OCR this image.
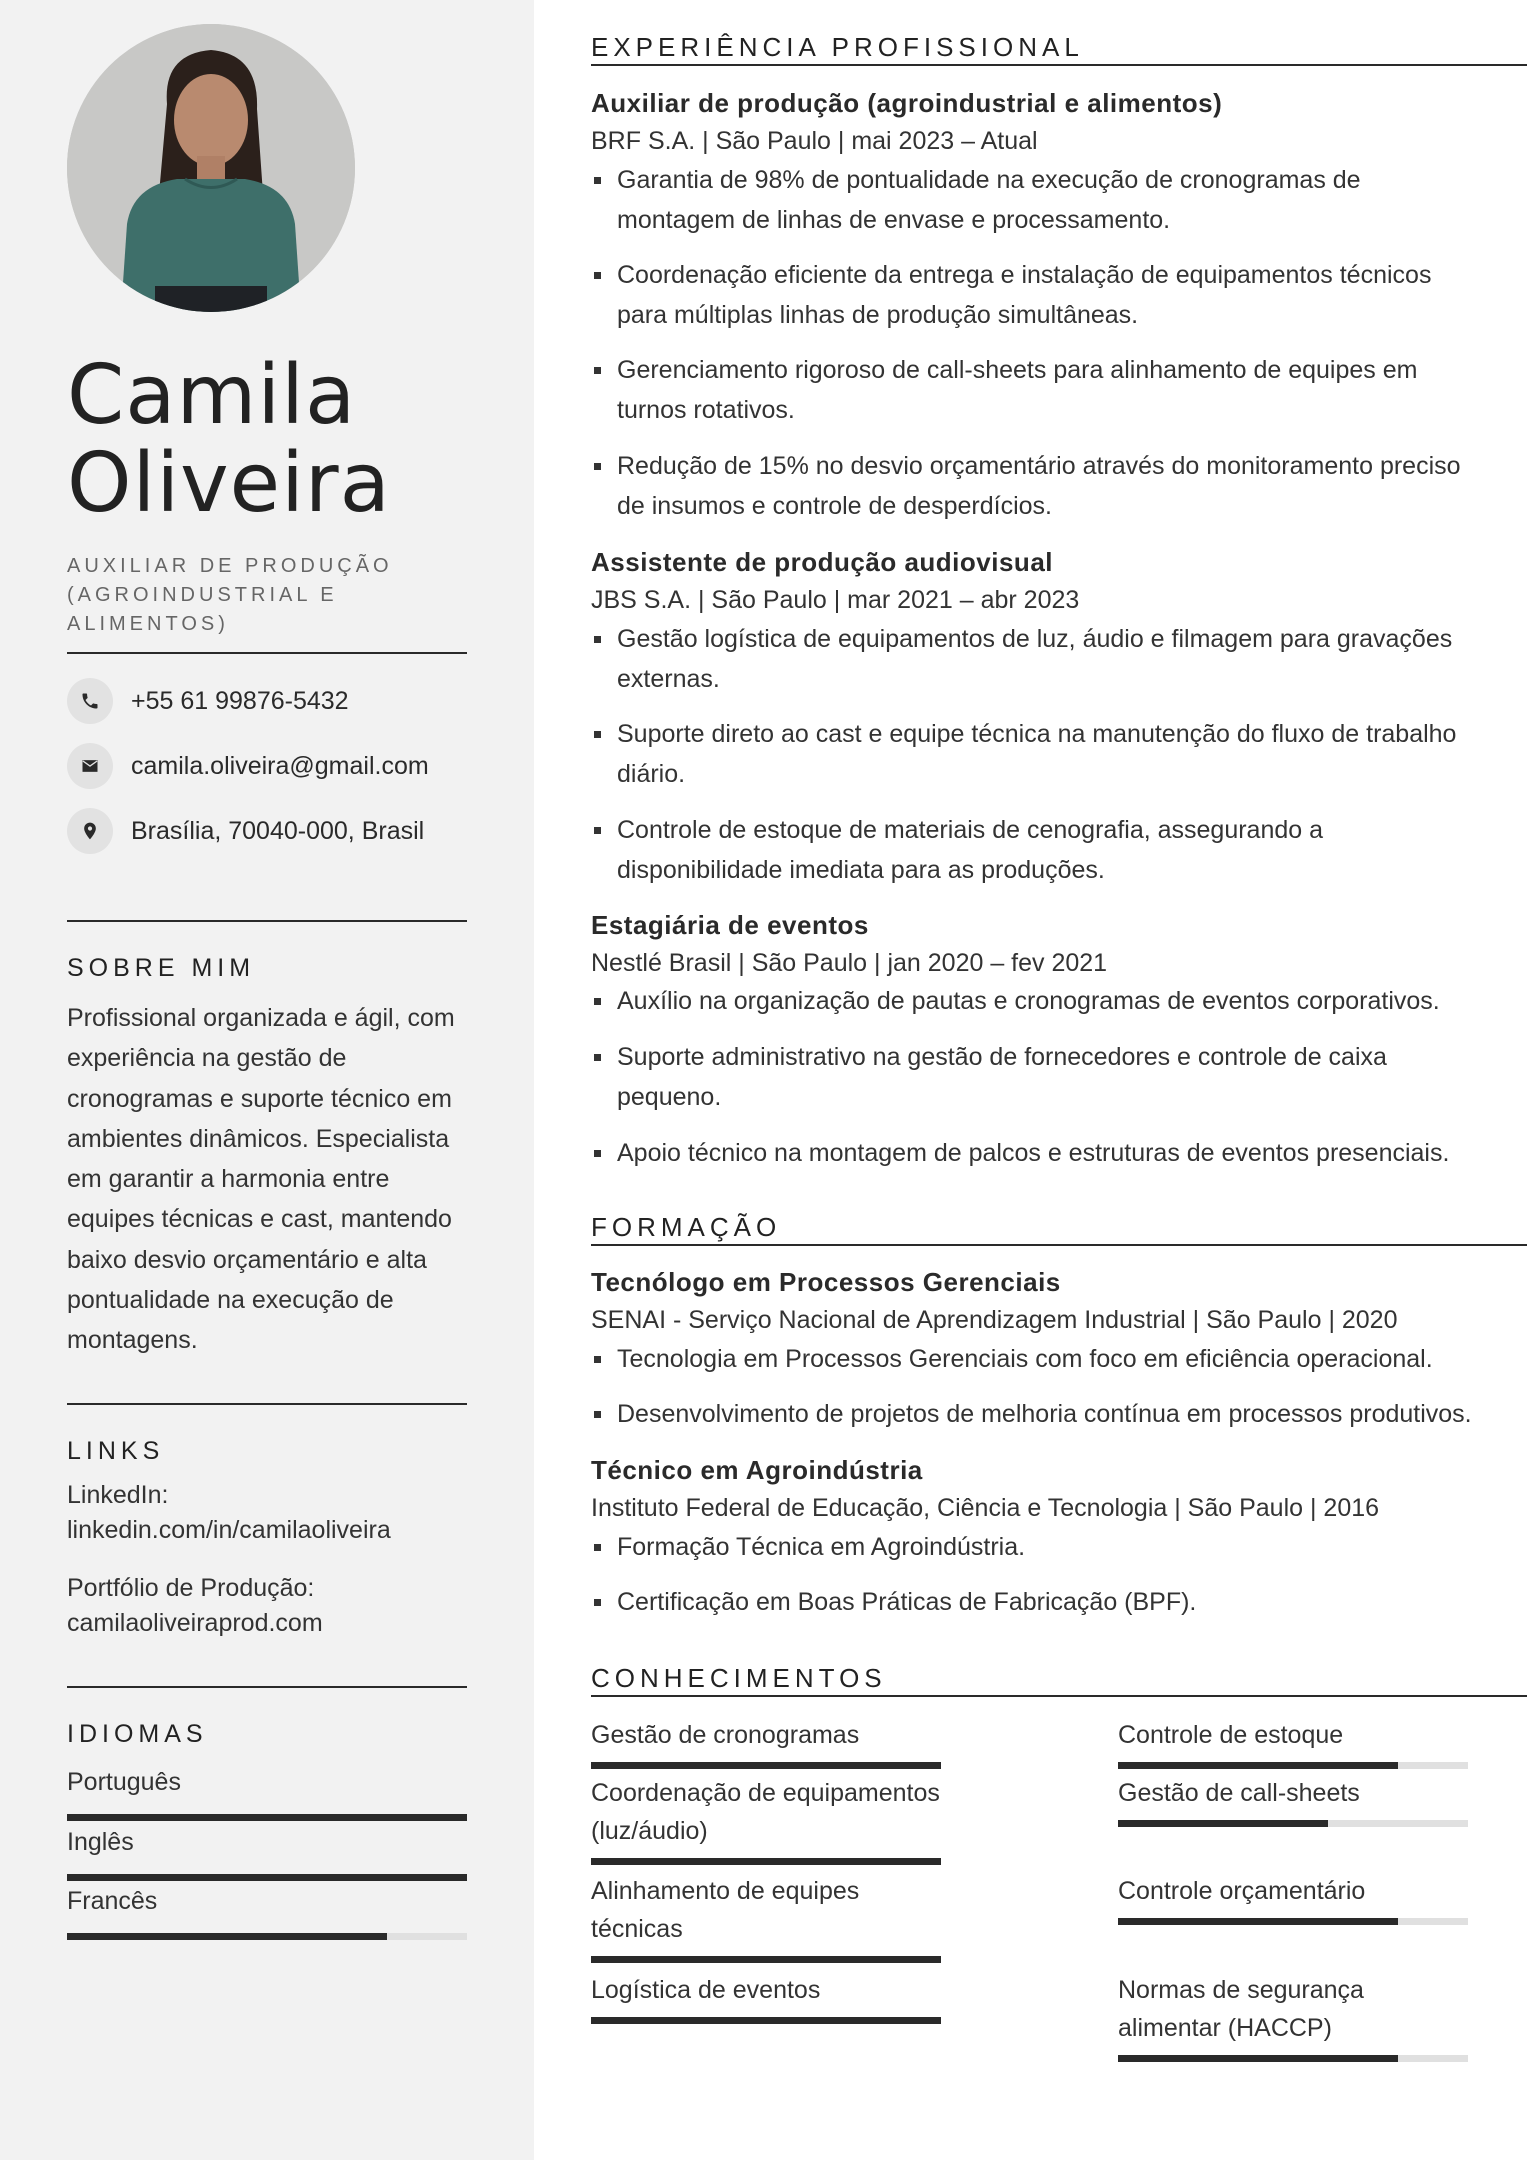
Camila
Oliveira

AUXILIAR DE PRODUÇÃO (AGROINDUSTRIAL E ALIMENTOS)

+55 61 99876-5432
camila.oliveira@gmail.com
Brasília, 70040-000, Brasil
SOBRE MIM

Profissional organizada e ágil, com experiência na gestão de cronogramas e suporte técnico em ambientes dinâmicos. Especialista em garantir a harmonia entre equipes técnicas e cast, mantendo baixo desvio orçamentário e alta pontualidade na execução de montagens.

LINKS
LinkedIn:
linkedin.com/in/camilaoliveira
Portfólio de Produção:
camilaoliveiraprod.com
IDIOMAS
Português
Inglês
Francês
EXPERIÊNCIA PROFISSIONAL
Auxiliar de produção (agroindustrial e alimentos)
BRF S.A. | São Paulo | mai 2023 – Atual

Garantia de 98% de pontualidade na execução de cronogramas de montagem de linhas de envase e processamento.

Coordenação eficiente da entrega e instalação de equipamentos técnicos para múltiplas linhas de produção simultâneas.

Gerenciamento rigoroso de call-sheets para alinhamento de equipes em turnos rotativos.

Redução de 15% no desvio orçamentário através do monitoramento preciso de insumos e controle de desperdícios.

Assistente de produção audiovisual
JBS S.A. | São Paulo | mar 2021 – abr 2023

Gestão logística de equipamentos de luz, áudio e filmagem para gravações externas.

Suporte direto ao cast e equipe técnica na manutenção do fluxo de trabalho diário.

Controle de estoque de materiais de cenografia, assegurando a disponibilidade imediata para as produções.

Estagiária de eventos
Nestlé Brasil | São Paulo | jan 2020 – fev 2021

Auxílio na organização de pautas e cronogramas de eventos corporativos.

Suporte administrativo na gestão de fornecedores e controle de caixa pequeno.

Apoio técnico na montagem de palcos e estruturas de eventos presenciais.

FORMAÇÃO
Tecnólogo em Processos Gerenciais
SENAI - Serviço Nacional de Aprendizagem Industrial | São Paulo | 2020

Tecnologia em Processos Gerenciais com foco em eficiência operacional.

Desenvolvimento de projetos de melhoria contínua em processos produtivos.

Técnico em Agroindústria
Instituto Federal de Educação, Ciência e Tecnologia | São Paulo | 2016

Formação Técnica em Agroindústria.

Certificação em Boas Práticas de Fabricação (BPF).

CONHECIMENTOS
Gestão de cronogramas	Controle de estoque
Coordenação de equipamentos (luz/áudio)
Gestão de call-sheets
Alinhamento de equipes técnicas
Controle orçamentário
Logística de eventos	Normas de segurança alimentar (HACCP)
